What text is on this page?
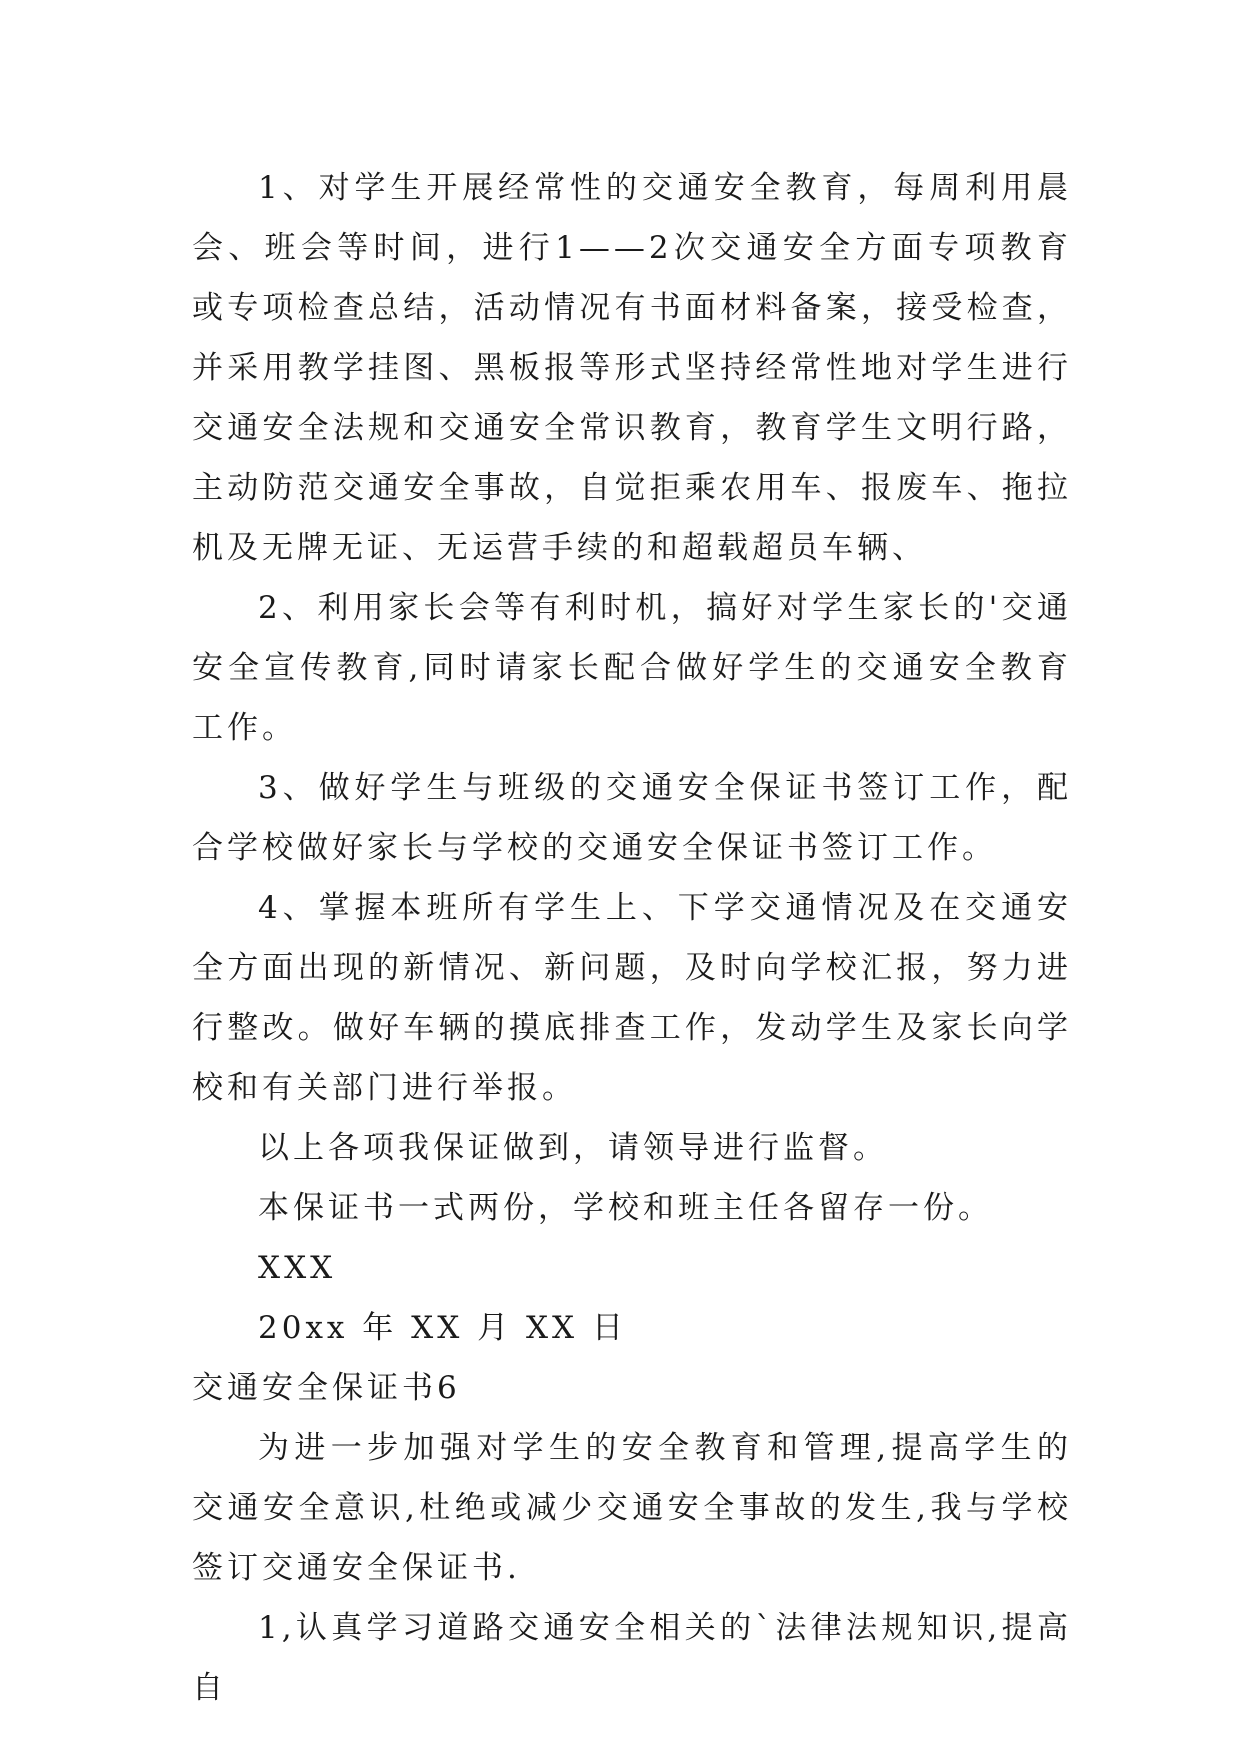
1、对学生开展经常性的交通安全教育，每周利用晨会、班会等时间，进行1——2次交通安全方面专项教育或专项检查总结，活动情况有书面材料备案，接受检查，并采用教学挂图、黑板报等形式坚持经常性地对学生进行交通安全法规和交通安全常识教育，教育学生文明行路，主动防范交通安全事故，自觉拒乘农用车、报废车、拖拉机及无牌无证、无运营手续的和超载超员车辆、

2、利用家长会等有利时机，搞好对学生家长的'交通安全宣传教育,同时请家长配合做好学生的交通安全教育工作。

3、做好学生与班级的交通安全保证书签订工作，配合学校做好家长与学校的交通安全保证书签订工作。

4、掌握本班所有学生上、下学交通情况及在交通安全方面出现的新情况、新问题，及时向学校汇报，努力进行整改。做好车辆的摸底排查工作，发动学生及家长向学校和有关部门进行举报。

以上各项我保证做到，请领导进行监督。

本保证书一式两份，学校和班主任各留存一份。

XXX

20xx 年 XX 月 XX 日

交通安全保证书6

为进一步加强对学生的安全教育和管理,提高学生的交通安全意识,杜绝或减少交通安全事故的发生,我与学校签订交通安全保证书.

1,认真学习道路交通安全相关的`法律法规知识,提高自
